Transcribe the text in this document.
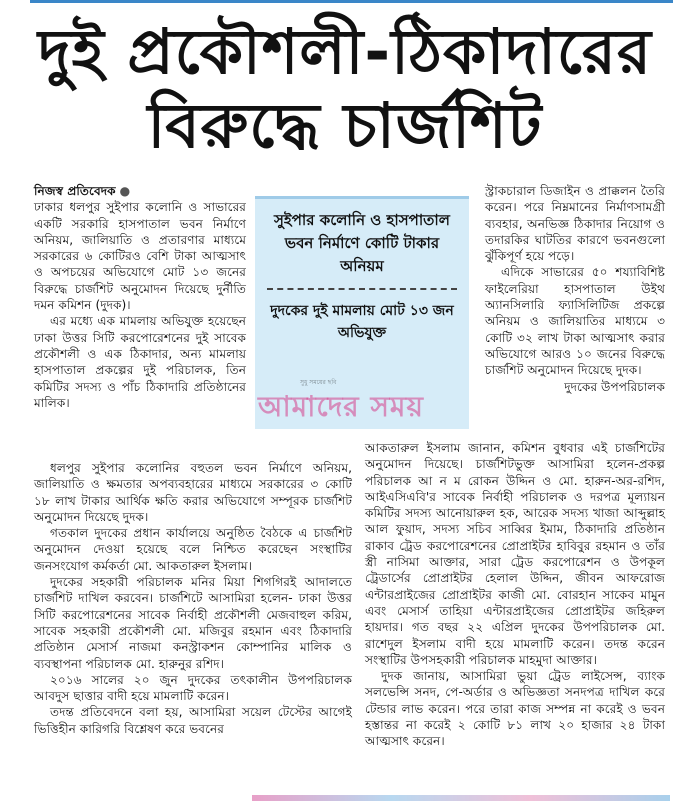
দুই প্রকৌশলী-ঠিকাদারের
বিরুদ্ধে চার্জশিট

নিজস্ব প্রতিবেদক ●

ঢাকার ধলপুর সুইপার কলোনি ও সাভারের একটি সরকারি হাসপাতাল ভবন নির্মাণে অনিয়ম, জালিয়াতি ও প্রতারণার মাধ্যমে সরকারের ৬ কোটিরও বেশি টাকা আত্মসাৎ ও অপচয়ের অভিযোগে মোট ১৩ জনের বিরুদ্ধে চার্জশিট অনুমোদন দিয়েছে দুর্নীতি দমন কমিশন (দুদক)।

এর মধ্যে এক মামলায় অভিযুক্ত হয়েছেন ঢাকা উত্তর সিটি করপোরেশনের দুই সাবেক প্রকৌশলী ও এক ঠিকাদার, অন্য মামলায় হাসপাতাল প্রকল্পের দুই পরিচালক, তিন কমিটির সদস্য ও পাঁচ ঠিকাদারি প্রতিষ্ঠানের মালিক।

ধলপুর সুইপার কলোনির বহুতল ভবন নির্মাণে অনিয়ম, জালিয়াতি ও ক্ষমতার অপব্যবহারের মাধ্যমে সরকারের ৩ কোটি ১৮ লাখ টাকার আর্থিক ক্ষতি করার অভিযোগে সম্পূরক চার্জশিট অনুমোদন দিয়েছে দুদক।

গতকাল দুদকের প্রধান কার্যালয়ে অনুষ্ঠিত বৈঠকে এ চার্জশিট অনুমোদন দেওয়া হয়েছে বলে নিশ্চিত করেছেন সংস্থাটির জনসংযোগ কর্মকর্তা মো. আকতারুল ইসলাম।

দুদকের সহকারী পরিচালক মনির মিয়া শিগগিরই আদালতে চার্জশিট দাখিল করবেন। চার্জশিটে আসামিরা হলেন- ঢাকা উত্তর সিটি করপোরেশনের সাবেক নির্বাহী প্রকৌশলী মেজবাহুল করিম, সাবেক সহকারী প্রকৌশলী মো. মজিবুর রহমান এবং ঠিকাদারি প্রতিষ্ঠান মেসার্স নাজমা কনস্ট্রাকশন কোম্পানির মালিক ও ব্যবস্থাপনা পরিচালক মো. হারুনুর রশিদ।

২০১৬ সালের ২০ জুন দুদকের তৎকালীন উপপরিচালক আবদুস ছাত্তার বাদী হয়ে মামলাটি করেন।

তদন্ত প্রতিবেদনে বলা হয়, আসামিরা সয়েল টেস্টের আগেই ভিত্তিহীন কারিগরি বিশ্লেষণ করে ভবনের

সুইপার কলোনি ও হাসপাতাল ভবন নির্মাণে কোটি টাকার অনিয়ম
দুদকের দুই মামলায় মোট ১৩ জন অভিযুক্ত
সুধু সময়ের ছবি
আমাদের সময়

স্ট্রাকচারাল ডিজাইন ও প্রাক্কলন তৈরি করেন। পরে নিম্নমানের নির্মাণসামগ্রী ব্যবহার, অনভিজ্ঞ ঠিকাদার নিয়োগ ও তদারকির ঘাটতির কারণে ভবনগুলো ঝুঁকিপূর্ণ হয়ে পড়ে।

এদিকে সাভারের ৫০ শয্যাবিশিষ্ট ফাইলেরিয়া হাসপাতাল উইথ অ্যানসিলারি ফ্যাসিলিটিজ প্রকল্পে অনিয়ম ও জালিয়াতির মাধ্যমে ৩ কোটি ৩২ লাখ টাকা আত্মসাৎ করার অভিযোগে আরও ১০ জনের বিরুদ্ধে চার্জশিট অনুমোদন দিয়েছে দুদক।

দুদকের উপপরিচালক

আকতারুল ইসলাম জানান, কমিশন বুধবার এই চার্জশিটের অনুমোদন দিয়েছে। চার্জশিটভুক্ত আসামিরা হলেন-প্রকল্প পরিচালক আ ন ম রোকন উদ্দিন ও মো. হারুন-অর-রশিদ, আইএসিএবি'র সাবেক নির্বাহী পরিচালক ও দরপত্র মূল্যায়ন কমিটির সদস্য আনোয়ারুল হক, আরেক সদস্য খাজা আব্দুল্লাহ আল ফুয়াদ, সদস্য সচিব সাব্বির ইমাম, ঠিকাদারি প্রতিষ্ঠান রাকাব ট্রেড করপোরেশনের প্রোপ্রাইটর হাবিবুর রহমান ও তাঁর স্ত্রী নাসিমা আক্তার, সারা ট্রেড করপোরেশন ও উপকূল ট্রেডার্সের প্রোপ্রাইটর হেলাল উদ্দিন, জীবন আফরোজ এন্টারপ্রাইজের প্রোপ্রাইটর কাজী মো. বোরহান সাকেব মামুন এবং মেসার্স তাহিয়া এন্টারপ্রাইজের প্রোপ্রাইটর জহিরুল হায়দার। গত বছর ২২ এপ্রিল দুদকের উপপরিচালক মো. রাশেদুল ইসলাম বাদী হয়ে মামলাটি করেন। তদন্ত করেন সংস্থাটির উপসহকারী পরিচালক মাহমুদা আক্তার।

দুদক জানায়, আসামিরা ভুয়া ট্রেড লাইসেন্স, ব্যাংক সলভেন্সি সনদ, পে-অর্ডার ও অভিজ্ঞতা সনদপত্র দাখিল করে টেন্ডার লাভ করেন। পরে তারা কাজ সম্পন্ন না করেই ও ভবন হস্তান্তর না করেই ২ কোটি ৮১ লাখ ২০ হাজার ২৪ টাকা আত্মসাৎ করেন।
